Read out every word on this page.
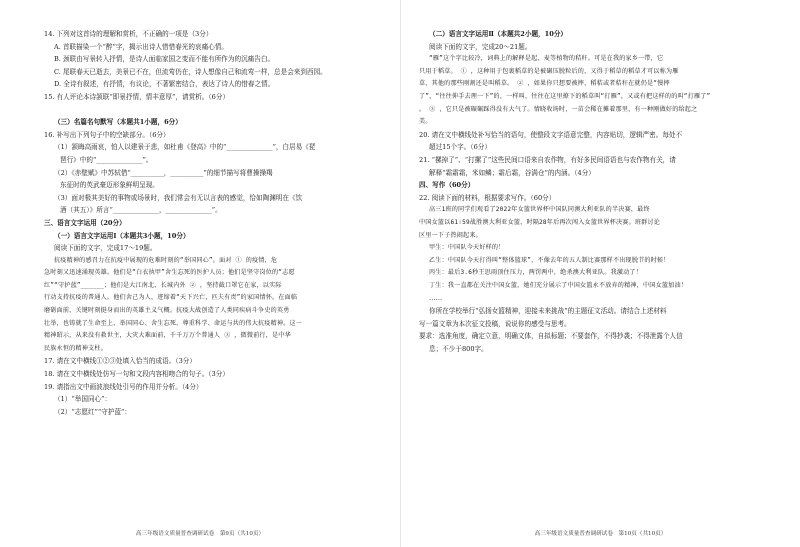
14. 下列对这首诗的理解和赏析，不正确的一项是（3分）
A. 首联描染一个“醉”字，揭示出诗人惜惜春光的哀痛心情。
B. 颈联由写景转入抒情，是诗人面临家国之变而不能有所作为的沉痛告白。
C. 尾联春天已逝去，美景已不在，但流莺仍在，诗人想像自己和流莺一样，总是会来到西园。
D. 全诗有叙述，有抒情，有议论，不著繁密结合，表达了诗人的惜春之情。
15. 有人评论本诗颔联“即景抒情，情丰意厚”，请赏析。（6分）

（三）名篇名句默写（本题共1小题，6分）
16. 补写出下列句子中的空缺部分。（6分）
（1）颔晦高雨哀，怕人以建景于悲，如杜甫《登高》中的“______________”，白居易《琵
琶行》中的“______________”。
（2）《赤壁赋》中苏轼借“__________，__________”的细节描写将曹操操羯
东征时的英武豪迈形象鲜明呈现。
（3）面对极其美好的事物或场景时，我们常会有无以言表的感觉，恰如陶渊明在《饮
酒（其五）》所言“______________，______________”。
三、语言文字运用（20分）
（一）语言文字运用Ⅰ（本题共3小题，10分）
阅读下面的文字，完成17～19题。
抗疫精神的感召力在抗疫中展现的危难时刻的“举国同心”。面对 ① 的疫情，危
急时刻又迅速涌现英雄。他们是“白衣执甲”舍生忘死的医护人员；他们是坚守岗位的“志愿
红”“守护蓝”______；他们是大江南北、长城内外 ② ，坚持截口罩它在家，以实际
行动支持抗疫的普通人。他们舍己为人，迹缔着“天下兴亡，匹夫有责”的家国情怀。在面临
磨砺面前，关键时刻挺身而出的英雄主义气概。抗疫大战创造了人类同疾病斗争史的英勇
壮举，也铸就了生命至上、举国同心、舍生忘死、尊重科学、命运与共的伟大抗疫精神。这一
精神昭示，从来没有救世主，大灾大难面前，千千万万个普通人 ③ ，微微前行，是中华
民族永恒的精神支柱。
17. 请在文中横线①②③处填入恰当的成语。（3分）
18. 请在文中横线处仿写一句和文段内容相吻合的句子。（3分）
19. 请指出文中画波浪线处引号的作用并分析。（4分）
（1）“举国同心”：
（2）“志愿红”“守护蓝”：
高三年级语文质量普查调研试卷　第9页（共10页）
（二）语言文字运用Ⅱ（本题共2小题，10分）
阅读下面的文字，完成20～21题。
“雁”这个字比较冷，词典上的解释是起、麦等植物的秸秆。可是在我的家乡一带，它
只用于稻草。 ① ，这种用于包裹稻草的是被碾压脱粒后的，又得于稻草的稻草才可以称为雁
草，其他的那些刚割还是叫稻草。 ② ，如果你只想要被摔、稻秸或者秸秆在就仍是“慢摔
了”、“往往伸手去理一下”的，一样叫，往往在这里撩下的稻草叫“打雁”，又或有把这样的的叫“打雁了”
。 ③ ，它只是被碾碾踩得没有大气了。情晓收场时，一苗会稀在摊着那里，有一种刚做好的给起之
美。
20. 请在文中横线处补写恰当的语句，使整段文字语意完整，内容贴切，逻辑严密。每处不
超过15个字。（6分）
21. “摞掉了”、“打摞了”这些民间口语来自农作物，有好多民间语语也与农作物有关，请
解释“霜霜霜，米如鳞；霜后霜，谷满仓”的内涵。（4分）
四、写作（60分）
22. 阅读下面的材料，根据要求写作。（60分）
高三1班的同学们观看了2022年女篮世界杯中国队同澳大利亚队的半决赛，最终
中国女篮以61∶59战胜澳大利亚女篮，时隔28年后再次闯入女篮世界杯决赛。班群讨论
区里一下子热闹起来。
甲生：中国队今天好样的！
乙生：中国队今天打得叫“整体篮球”，不像去年的五人制比赛那样不出现脱节的时候！
丙生：最后3.6秒王思雨顶住压力，两罚两中，绝杀澳大利亚队。我激动了！
丁生：我一直都在关注中国女篮，她们充分展示了中国女篮永不放弃的精神，中国女篮加油！
……
你所在学校举行“弘扬女篮精神，迎接未来挑战”的主题征文活动。请结合上述材料
写一篇文章为本次征文投稿，说说你的感受与思考。
要求：选准角度，确定立意，明确文体，自拟标题；不要套作，不得抄袭；不得泄露个人信
息；不少于800字。
高三年级语文质量普查调研试卷　第10页（共10页）
